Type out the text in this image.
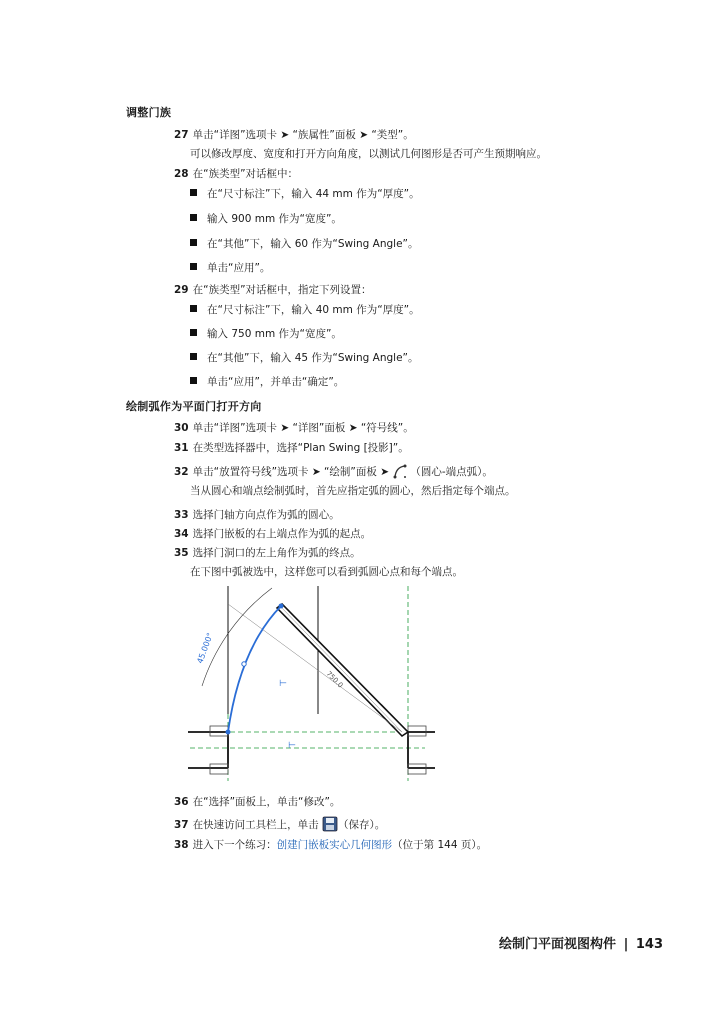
调整门族
27 单击“详图”选项卡 ➤ “族属性”面板 ➤ “类型”。
可以修改厚度、宽度和打开方向角度，以测试几何图形是否可产生预期响应。
28 在“族类型”对话框中：
在“尺寸标注”下，输入 44 mm 作为“厚度”。
输入 900 mm 作为“宽度”。
在“其他”下，输入 60 作为“Swing Angle”。
单击“应用”。
29 在“族类型”对话框中，指定下列设置：
在“尺寸标注”下，输入 40 mm 作为“厚度”。
输入 750 mm 作为“宽度”。
在“其他”下，输入 45 作为“Swing Angle”。
单击“应用”，并单击“确定”。
绘制弧作为平面门打开方向
30 单击“详图”选项卡 ➤ “详图”面板 ➤ “符号线”。
31 在类型选择器中，选择“Plan Swing [投影]”。
32 单击“放置符号线”选项卡 ➤ “绘制”面板 ➤ （圆心-端点弧）。
当从圆心和端点绘制弧时，首先应指定弧的圆心，然后指定每个端点。
33 选择门轴方向点作为弧的圆心。
34 选择门嵌板的右上端点作为弧的起点。
35 选择门洞口的左上角作为弧的终点。
在下图中弧被选中，这样您可以看到弧圆心点和每个端点。
45.000°
750.0
⊢
⊢
36 在“选择”面板上，单击“修改”。
37 在快速访问工具栏上，单击 （保存）。
38 进入下一个练习：创建门嵌板实心几何图形（位于第 144 页）。
绘制门平面视图构件 | 143
